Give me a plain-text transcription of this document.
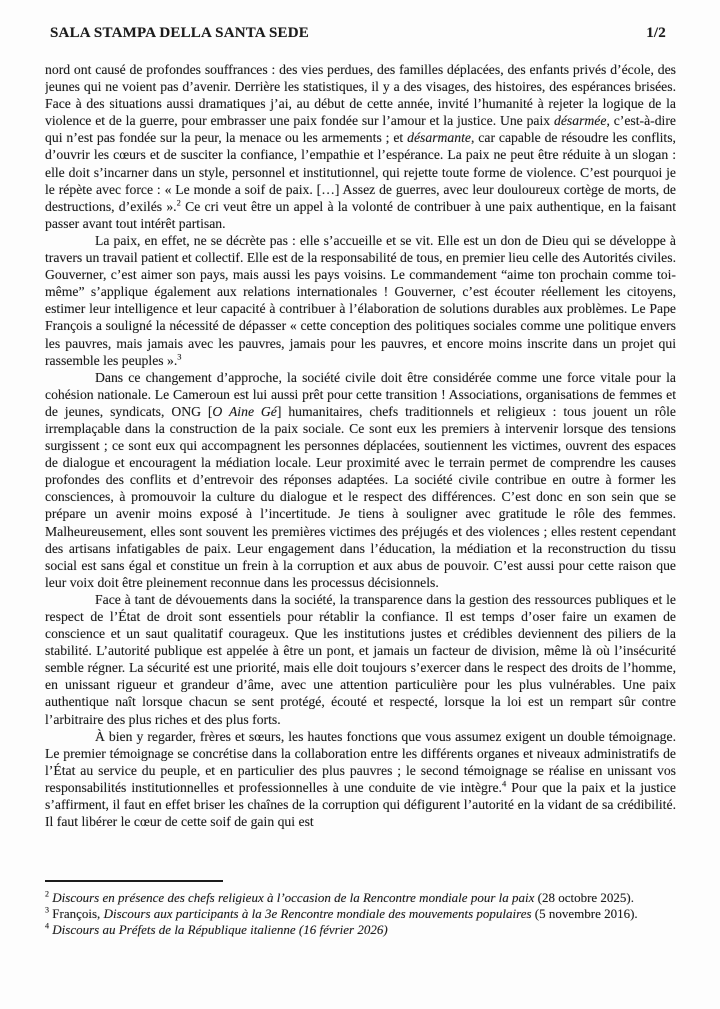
SALA STAMPA DELLA SANTA SEDE	1/2

nord ont causé de profondes souffrances : des vies perdues, des familles déplacées, des enfants privés d’école, des jeunes qui ne voient pas d’avenir. Derrière les statistiques, il y a des visages, des histoires, des espérances brisées. Face à des situations aussi dramatiques j’ai, au début de cette année, invité l’humanité à rejeter la logique de la violence et de la guerre, pour embrasser une paix fondée sur l’amour et la justice. Une paix désarmée, c’est-à-dire qui n’est pas fondée sur la peur, la menace ou les armements ; et désarmante, car capable de résoudre les conflits, d’ouvrir les cœurs et de susciter la confiance, l’empathie et l’espérance. La paix ne peut être réduite à un slogan : elle doit s’incarner dans un style, personnel et institutionnel, qui rejette toute forme de violence. C’est pourquoi je le répète avec force : « Le monde a soif de paix. […] Assez de guerres, avec leur douloureux cortège de morts, de destructions, d’exilés ».$^2$ Ce cri veut être un appel à la volonté de contribuer à une paix authentique, en la faisant passer avant tout intérêt partisan.

La paix, en effet, ne se décrète pas : elle s’accueille et se vit. Elle est un don de Dieu qui se développe à travers un travail patient et collectif. Elle est de la responsabilité de tous, en premier lieu celle des Autorités civiles. Gouverner, c’est aimer son pays, mais aussi les pays voisins. Le commandement “aime ton prochain comme toi-même” s’applique également aux relations internationales ! Gouverner, c’est écouter réellement les citoyens, estimer leur intelligence et leur capacité à contribuer à l’élaboration de solutions durables aux problèmes. Le Pape François a souligné la nécessité de dépasser « cette conception des politiques sociales comme une politique envers les pauvres, mais jamais avec les pauvres, jamais pour les pauvres, et encore moins inscrite dans un projet qui rassemble les peuples ».$^3$

Dans ce changement d’approche, la société civile doit être considérée comme une force vitale pour la cohésion nationale. Le Cameroun est lui aussi prêt pour cette transition ! Associations, organisations de femmes et de jeunes, syndicats, ONG [O Aine Gé] humanitaires, chefs traditionnels et religieux : tous jouent un rôle irremplaçable dans la construction de la paix sociale. Ce sont eux les premiers à intervenir lorsque des tensions surgissent ; ce sont eux qui accompagnent les personnes déplacées, soutiennent les victimes, ouvrent des espaces de dialogue et encouragent la médiation locale. Leur proximité avec le terrain permet de comprendre les causes profondes des conflits et d’entrevoir des réponses adaptées. La société civile contribue en outre à former les consciences, à promouvoir la culture du dialogue et le respect des différences. C’est donc en son sein que se prépare un avenir moins exposé à l’incertitude. Je tiens à souligner avec gratitude le rôle des femmes. Malheureusement, elles sont souvent les premières victimes des préjugés et des violences ; elles restent cependant des artisans infatigables de paix. Leur engagement dans l’éducation, la médiation et la reconstruction du tissu social est sans égal et constitue un frein à la corruption et aux abus de pouvoir. C’est aussi pour cette raison que leur voix doit être pleinement reconnue dans les processus décisionnels.

Face à tant de dévouements dans la société, la transparence dans la gestion des ressources publiques et le respect de l’État de droit sont essentiels pour rétablir la confiance. Il est temps d’oser faire un examen de conscience et un saut qualitatif courageux. Que les institutions justes et crédibles deviennent des piliers de la stabilité. L’autorité publique est appelée à être un pont, et jamais un facteur de division, même là où l’insécurité semble régner. La sécurité est une priorité, mais elle doit toujours s’exercer dans le respect des droits de l’homme, en unissant rigueur et grandeur d’âme, avec une attention particulière pour les plus vulnérables. Une paix authentique naît lorsque chacun se sent protégé, écouté et respecté, lorsque la loi est un rempart sûr contre l’arbitraire des plus riches et des plus forts.

À bien y regarder, frères et sœurs, les hautes fonctions que vous assumez exigent un double témoignage. Le premier témoignage se concrétise dans la collaboration entre les différents organes et niveaux administratifs de l’État au service du peuple, et en particulier des plus pauvres ; le second témoignage se réalise en unissant vos responsabilités institutionnelles et professionnelles à une conduite de vie intègre.$^4$ Pour que la paix et la justice s’affirment, il faut en effet briser les chaînes de la corruption qui défigurent l’autorité en la vidant de sa crédibilité. Il faut libérer le cœur de cette soif de gain qui est

$^2$ Discours en présence des chefs religieux à l’occasion de la Rencontre mondiale pour la paix (28 octobre 2025).

$^3$ François, Discours aux participants à la 3e Rencontre mondiale des mouvements populaires (5 novembre 2016).

$^4$ Discours au Préfets de la République italienne (16 février 2026)
